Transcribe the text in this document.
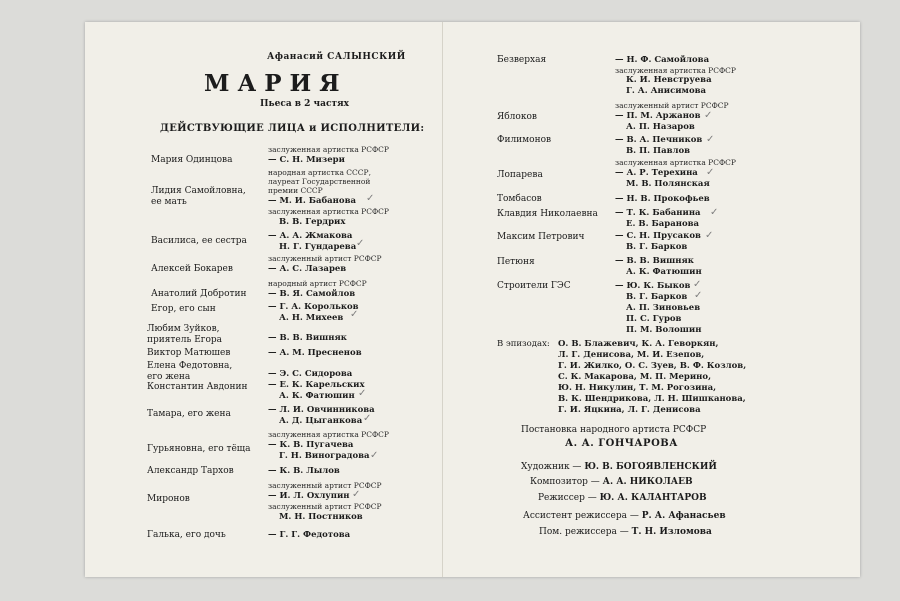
Афанасий САЛЫНСКИЙ
МАРИЯ
Пьеса в 2 частях
ДЕЙСТВУЮЩИЕ ЛИЦА и ИСПОЛНИТЕЛИ:
заслуженная артистка РСФСР
Мария Одинцова	— С. Н. Мизери
народная артистка СССР,
лауреат Государственной
премии СССР
Лидия Самойловна,
ее мать	— М. И. Бабанова ✓
заслуженная артистка РСФСР
В. В. Гердрих
Василиса, ее сестра — А. А. Жмакова
Н. Г. Гундарева ✓
заслуженный артист РСФСР
Алексей Бокарев	— А. С. Лазарев
народный артист РСФСР
Анатолий Добротин	— В. Я. Самойлов
Егор, его сын	— Г. А. Корольков
А. Н. Михеев ✓
Любим Зуйков,
приятель Егора	— В. В. Вишняк
Виктор Матюшев	— А. М. Пресненов
Елена Федотовна,
его жена	— Э. С. Сидорова
Константин Авдонин — Е. К. Карельских
А. К. Фатюшин ✓
Тамара, его жена	— Л. И. Овчинникова
А. Д. Цыганкова ✓
заслуженная артистка РСФСР
Гурьяновна, его тёща — К. В. Пугачева
Г. Н. Виноградова ✓
Александр Тархов	— К. В. Лылов
заслуженный артист РСФСР
Миронов	— И. Л. Охлупин ✓
заслуженный артист РСФСР
М. Н. Постников
Галька, его дочь	— Г. Г. Федотова
Безверхая	— Н. Ф. Самойлова
заслуженная артистка РСФСР
К. И. Невструева
Г. А. Анисимова
заслуженный артист РСФСР
Яблоков	— П. М. Аржанов ✓
А. П. Назаров
Филимонов	— В. А. Печников ✓
В. П. Павлов
заслуженная артистка РСФСР
Лопарева	— А. Р. Терехина ✓
М. В. Полянская
Томбасов	— Н. В. Прокофьев
Клавдия Николаевна — Т. К. Бабанина ✓
Е. В. Баранова
Максим Петрович	— С. Н. Прусаков ✓
В. Г. Барков
Петюня	— В. В. Вишняк
А. К. Фатюшин
Строители ГЭС	— Ю. К. Быков ✓
В. Г. Барков ✓
А. П. Зиновьев
П. С. Гуров
П. М. Волошин
В эпизодах: О. В. Блажевич, К. А. Геворкян,
Л. Г. Денисова, М. И. Езепов,
Г. И. Жилко, О. С. Зуев, В. Ф. Козлов,
С. К. Макарова, М. П. Мерино,
Ю. Н. Никулин, Т. М. Рогозина,
В. К. Шендрикова, Л. Н. Шишканова,
Г. И. Яцкина, Л. Г. Денисова
Постановка народного артиста РСФСР
А. А. ГОНЧАРОВА
Художник — Ю. В. БОГОЯВЛЕНСКИЙ
Композитор — А. А. НИКОЛАЕВ
Режиссер — Ю. А. КАЛАНТАРОВ
Ассистент режиссера — Р. А. Афанасьев
Пом. режиссера — Т. Н. Изломова
